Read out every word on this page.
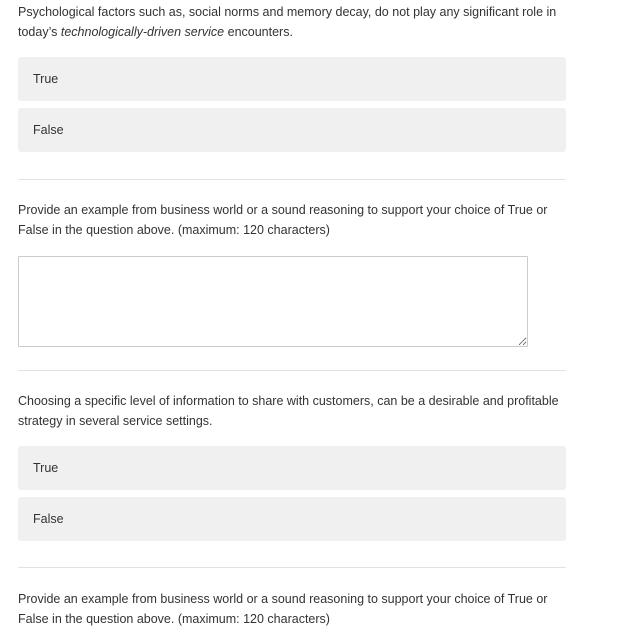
Psychological factors such as, social norms and memory decay, do not play any significant role in today’s technologically-driven service encounters.

True
False

Provide an example from business world or a sound reasoning to support your choice of True or False in the question above. (maximum: 120 characters)

Choosing a specific level of information to share with customers, can be a desirable and profitable strategy in several service settings.

True
False

Provide an example from business world or a sound reasoning to support your choice of True or False in the question above. (maximum: 120 characters)
